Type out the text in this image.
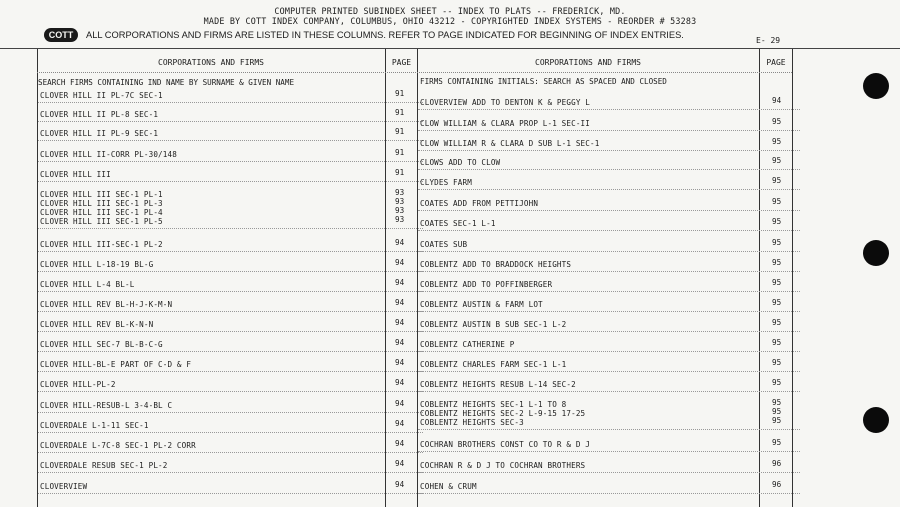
COMPUTER PRINTED SUBINDEX SHEET -- INDEX TO PLATS -- FREDERICK, MD.
MADE BY COTT INDEX COMPANY, COLUMBUS, OHIO 43212 - COPYRIGHTED INDEX SYSTEMS - REORDER # 53283
COTT	ALL CORPORATIONS AND FIRMS ARE LISTED IN THESE COLUMNS. REFER TO PAGE INDICATED FOR BEGINNING OF INDEX ENTRIES.
E- 29
CORPORATIONS AND FIRMS	PAGE	CORPORATIONS AND FIRMS	PAGE
SEARCH FIRMS CONTAINING IND NAME BY SURNAME & GIVEN NAME	FIRMS CONTAINING INITIALS: SEARCH AS SPACED AND CLOSED
CLOVER HILL II PL-7C SEC-1	91
CLOVER HILL II PL-8 SEC-1	91
CLOVER HILL II PL-9 SEC-1	91
CLOVER HILL II-CORR PL-30/148	91
CLOVER HILL III	91
CLOVER HILL III SEC-1 PL-1	93
CLOVER HILL III SEC-1 PL-3	93
CLOVER HILL III SEC-1 PL-4	93
CLOVER HILL III SEC-1 PL-5	93
CLOVER HILL III-SEC-1 PL-2	94
CLOVER HILL L-18-19 BL-G	94
CLOVER HILL L-4 BL-L	94
CLOVER HILL REV BL-H-J-K-M-N	94
CLOVER HILL REV BL-K-N-N	94
CLOVER HILL SEC-7 BL-B-C-G	94
CLOVER HILL-BL-E PART OF C-D & F	94
CLOVER HILL-PL-2	94
CLOVER HILL-RESUB-L 3-4-BL C	94
CLOVERDALE L-1-11 SEC-1	94
CLOVERDALE L-7C-8 SEC-1 PL-2 CORR	94
CLOVERDALE RESUB SEC-1 PL-2	94
CLOVERVIEW	94
CLOVERVIEW ADD TO DENTON K & PEGGY L	94
CLOW WILLIAM & CLARA PROP L-1 SEC-II	95
CLOW WILLIAM R & CLARA D SUB L-1 SEC-1	95
CLOWS ADD TO CLOW	95
CLYDES FARM	95
COATES ADD FROM PETTIJOHN	95
COATES SEC-1 L-1	95
COATES SUB	95
COBLENTZ ADD TO BRADDOCK HEIGHTS	95
COBLENTZ ADD TO POFFINBERGER	95
COBLENTZ AUSTIN & FARM LOT	95
COBLENTZ AUSTIN B SUB SEC-1 L-2	95
COBLENTZ CATHERINE P	95
COBLENTZ CHARLES FARM SEC-1 L-1	95
COBLENTZ HEIGHTS RESUB L-14 SEC-2	95
COBLENTZ HEIGHTS SEC-1 L-1 TO 8	95
COBLENTZ HEIGHTS SEC-2 L-9-15 17-25	95
COBLENTZ HEIGHTS SEC-3	95
COCHRAN BROTHERS CONST CO TO R & D J	95
COCHRAN R & D J TO COCHRAN BROTHERS	96
COHEN & CRUM	96
